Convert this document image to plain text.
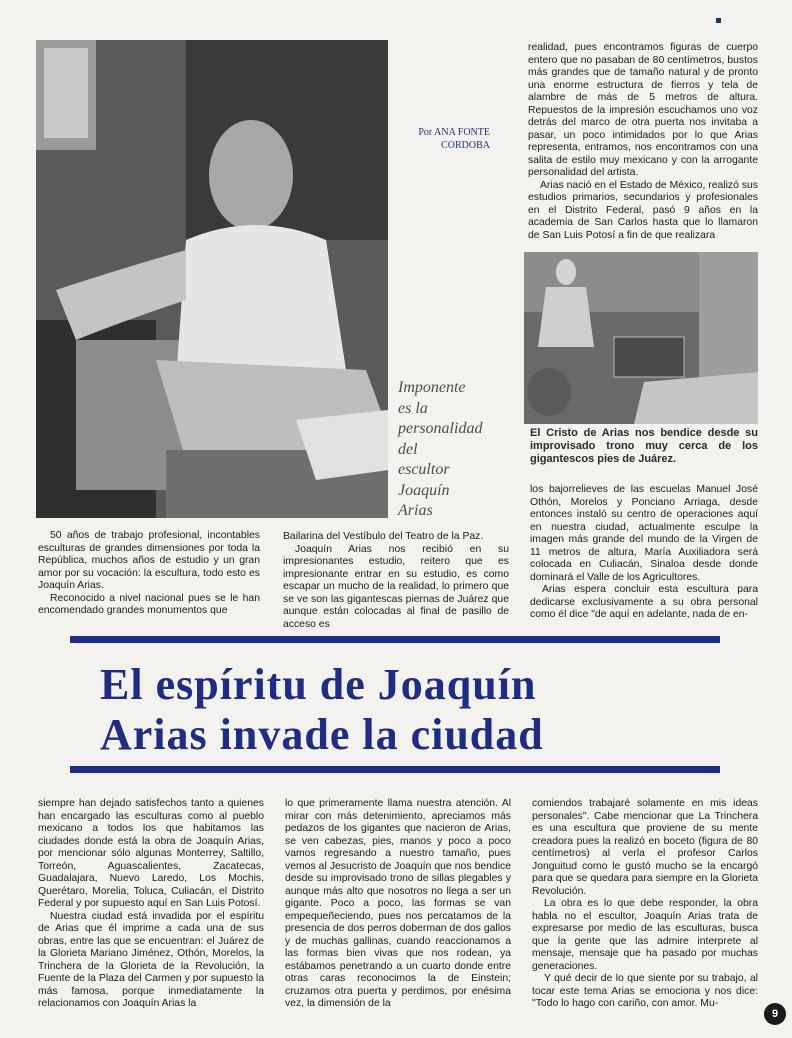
Por ANA FONTE
CORDOBA
Imponente
es la
personalidad
del
escultor
Joaquín
Arias

realidad, pues encontramos figuras de cuerpo entero que no pasaban de 80 centímetros, bustos más grandes que de tamaño natural y de pronto una enorme estructura de fierros y tela de alambre de más de 5 metros de altura. Repuestos de la impresión escuchamos uno voz detrás del marco de otra puerta nos invitaba a pasar, un poco intimidados por lo que Arias representa, entramos, nos encontramos con una salita de estilo muy mexicano y con la arrogante personalidad del artista.

Arias nació en el Estado de México, realizó sus estudios primarios, secundarios y profesionales en el Distrito Federal, pasó 9 años en la academia de San Carlos hasta que lo llamaron de San Luis Potosí a fin de que realizara

El Cristo de Arias nos bendice desde su improvisado trono muy cerca de los gigantescos pies de Juárez.

50 años de trabajo profesional, incontables esculturas de grandes dimensiones por toda la República, muchos años de estudio y un gran amor por su vocación: la escultura, todo esto es Joaquín Arias.

Reconocido a nivel nacional pues se le han encomendado grandes monumentos que

Bailarina del Vestíbulo del Teatro de la Paz.

Joaquín Arias nos recibió en su impresionantes estudio, reitero que es impresionante entrar en su estudio, es como escapar un mucho de la realidad, lo primero que se ve son las gigantescas piernas de Juárez que aunque están colocadas al final de pasillo de acceso es

los bajorrelieves de las escuelas Manuel José Othón, Morelos y Ponciano Arriaga, desde entonces instaló su centro de operaciones aquí en nuestra ciudad, actualmente esculpe la imagen más grande del mundo de la Virgen de 11 metros de altura, María Auxiliadora será colocada en Culiacán, Sinaloa desde donde dominará el Valle de los Agricultores.

Arias espera concluir esta escultura para dedicarse exclusivamente a su obra personal como él dice "de aquí en adelante, nada de en-

El espíritu de Joaquín
Arias invade la ciudad

siempre han dejado satisfechos tanto a quienes han encargado las esculturas como al pueblo mexicano a todos los que habitamos las ciudades donde está la obra de Joaquín Arias, por mencionar sólo algunas Monterrey, Saltillo, Torreón, Aguascalientes, Zacatecas, Guadalajara, Nuevo Laredo, Los Mochis, Querétaro, Morelia, Toluca, Culiacán, el Distrito Federal y por supuesto aquí en San Luis Potosí.

Nuestra ciudad está invadida por el espíritu de Arias que él imprime a cada una de sus obras, entre las que se encuentran: el Juárez de la Glorieta Mariano Jiménez, Othón, Morelos, la Trinchera de la Glorieta de la Revolución, la Fuente de la Plaza del Carmen y por supuesto la más famosa, porque inmediatamente la relacionamos con Joaquín Arias la

lo que primeramente llama nuestra atención. Al mirar con más detenimiento, apreciamos más pedazos de los gigantes que nacieron de Arias, se ven cabezas, pies, manos y poco a poco vamos regresando a nuestro tamaño, pues vemos al Jesucristo de Joaquín que nos bendice desde su improvisado trono de sillas plegables y aunque más alto que nosotros no llega a ser un gigante. Poco a poco, las formas se van empequeñeciendo, pues nos percatamos de la presencia de dos perros doberman de dos gallos y de muchas gallinas, cuando reaccionamos a las formas bien vivas que nos rodean, ya estábamos penetrando a un cuarto donde entre otras caras reconocimos la de Einstein; cruzamos otra puerta y perdimos, por enésima vez, la dimensión de la

comiendos trabajaré solamente en mis ideas personales". Cabe mencionar que La Trinchera es una escultura que proviene de su mente creadora pues la realizó en boceto (figura de 80 centímetros) al verla el profesor Carlos Jonguitud como le gustó mucho se la encargó para que se quedara para siempre en la Glorieta Revolución.

La obra es lo que debe responder, la obra habla no el escultor, Joaquín Arias trata de expresarse por medio de las esculturas, busca que la gente que las admire interprete al mensaje, mensaje que ha pasado por muchas generaciones.

Y qué decir de lo que siente por su trabajo, al tocar este tema Arias se emociona y nos dice: "Todo lo hago con cariño, con amor. Mu-

9
